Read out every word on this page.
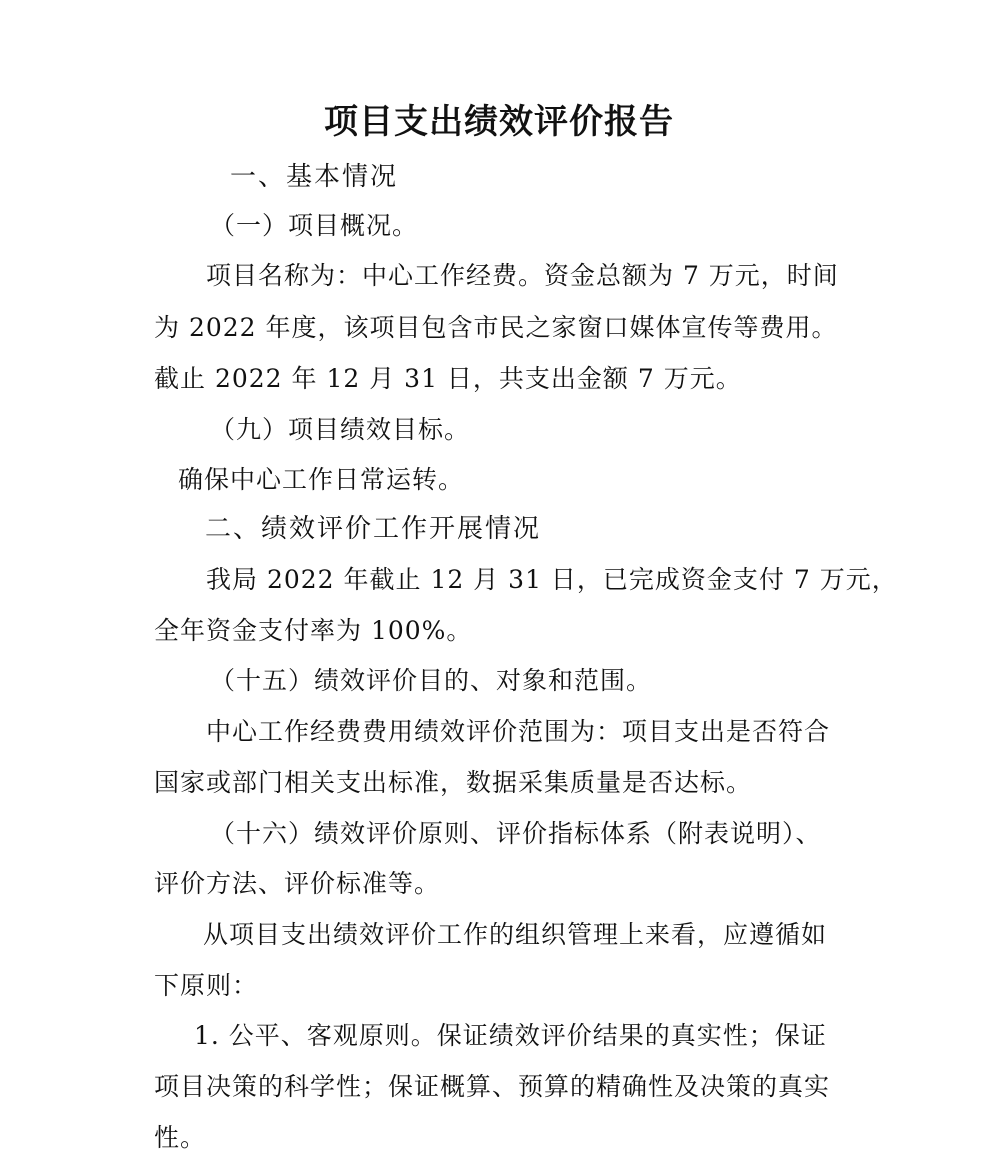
项目支出绩效评价报告
一、基本情况
（一）项目概况。
项目名称为：中心工作经费。资金总额为 7 万元，时间
为 2022 年度，该项目包含市民之家窗口媒体宣传等费用。
截止 2022 年 12 月 31 日，共支出金额 7 万元。
（九）项目绩效目标。
确保中心工作日常运转。
二、绩效评价工作开展情况
我局 2022 年截止 12 月 31 日，已完成资金支付 7 万元，
全年资金支付率为 100%。
（十五）绩效评价目的、对象和范围。
中心工作经费费用绩效评价范围为：项目支出是否符合
国家或部门相关支出标准，数据采集质量是否达标。
（十六）绩效评价原则、评价指标体系（附表说明）、
评价方法、评价标准等。
从项目支出绩效评价工作的组织管理上来看，应遵循如
下原则：
1. 公平、客观原则。保证绩效评价结果的真实性；保证
项目决策的科学性；保证概算、预算的精确性及决策的真实
性。
